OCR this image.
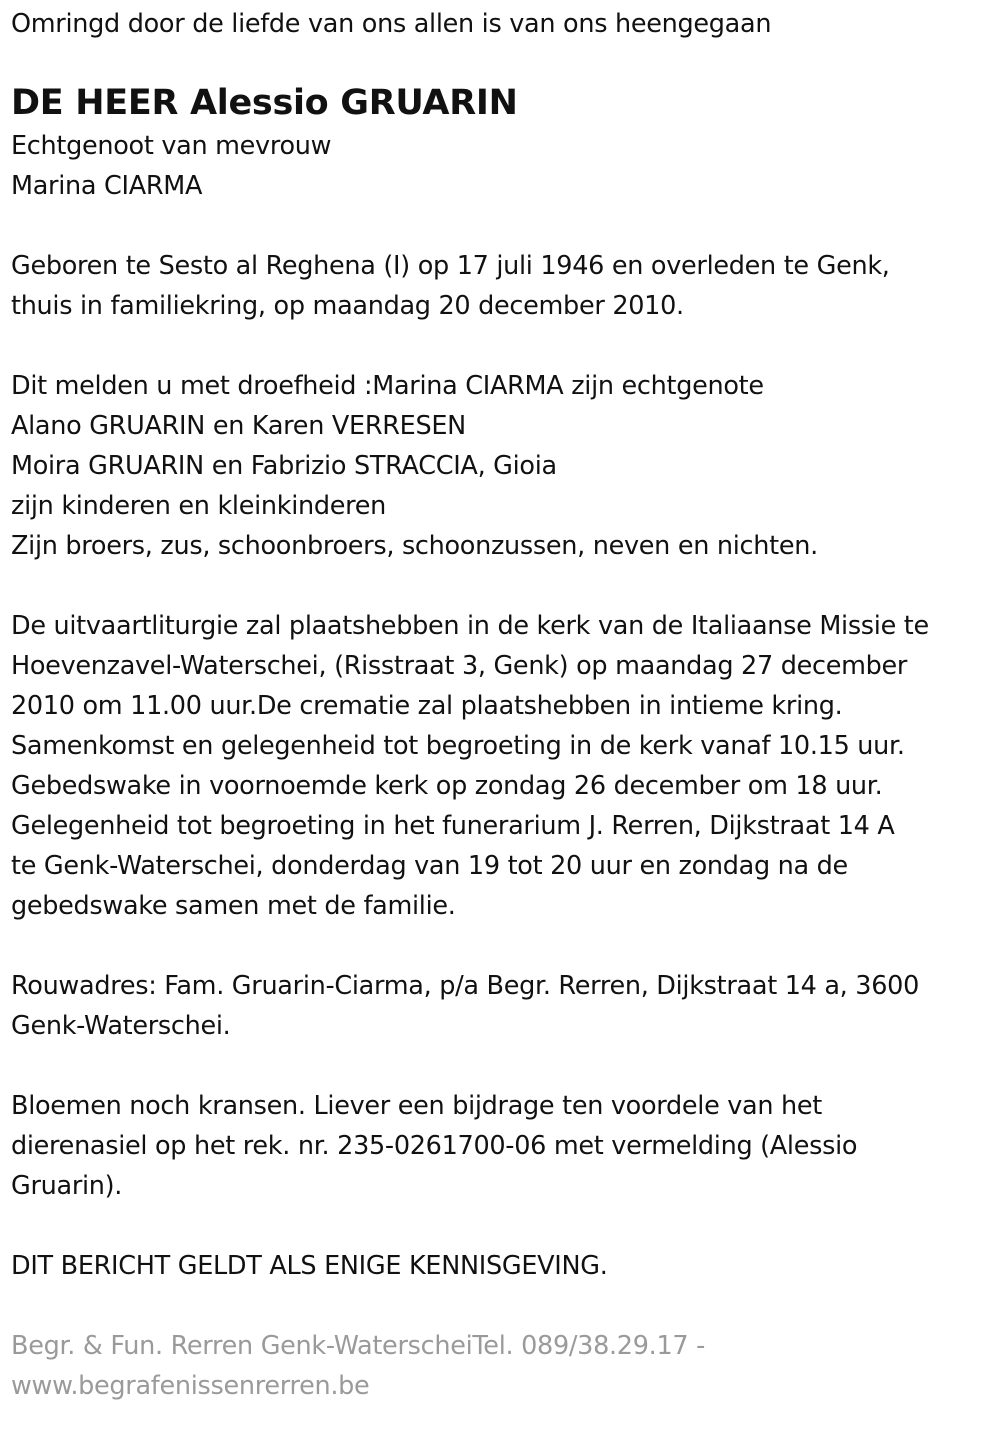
Omringd door de liefde van ons allen is van ons heengegaan
DE HEER Alessio GRUARIN
Echtgenoot van mevrouw
Marina CIARMA
Geboren te Sesto al Reghena (I) op 17 juli 1946 en overleden te Genk,
thuis in familiekring, op maandag 20 december 2010.
Dit melden u met droefheid :Marina CIARMA zijn echtgenote
Alano GRUARIN en Karen VERRESEN
Moira GRUARIN en Fabrizio STRACCIA, Gioia
zijn kinderen en kleinkinderen
Zijn broers, zus, schoonbroers, schoonzussen, neven en nichten.
De uitvaartliturgie zal plaatshebben in de kerk van de Italiaanse Missie te
Hoevenzavel-Waterschei, (Risstraat 3, Genk) op maandag 27 december
2010 om 11.00 uur.De crematie zal plaatshebben in intieme kring.
Samenkomst en gelegenheid tot begroeting in de kerk vanaf 10.15 uur.
Gebedswake in voornoemde kerk op zondag 26 december om 18 uur.
Gelegenheid tot begroeting in het funerarium J. Rerren, Dijkstraat 14 A
te Genk-Waterschei, donderdag van 19 tot 20 uur en zondag na de
gebedswake samen met de familie.
Rouwadres: Fam. Gruarin-Ciarma, p/a Begr. Rerren, Dijkstraat 14 a, 3600
Genk-Waterschei.
Bloemen noch kransen. Liever een bijdrage ten voordele van het
dierenasiel op het rek. nr. 235-0261700-06 met vermelding (Alessio
Gruarin).
DIT BERICHT GELDT ALS ENIGE KENNISGEVING.
Begr. & Fun. Rerren Genk-WaterscheiTel. 089/38.29.17 -
www.begrafenissenrerren.be
